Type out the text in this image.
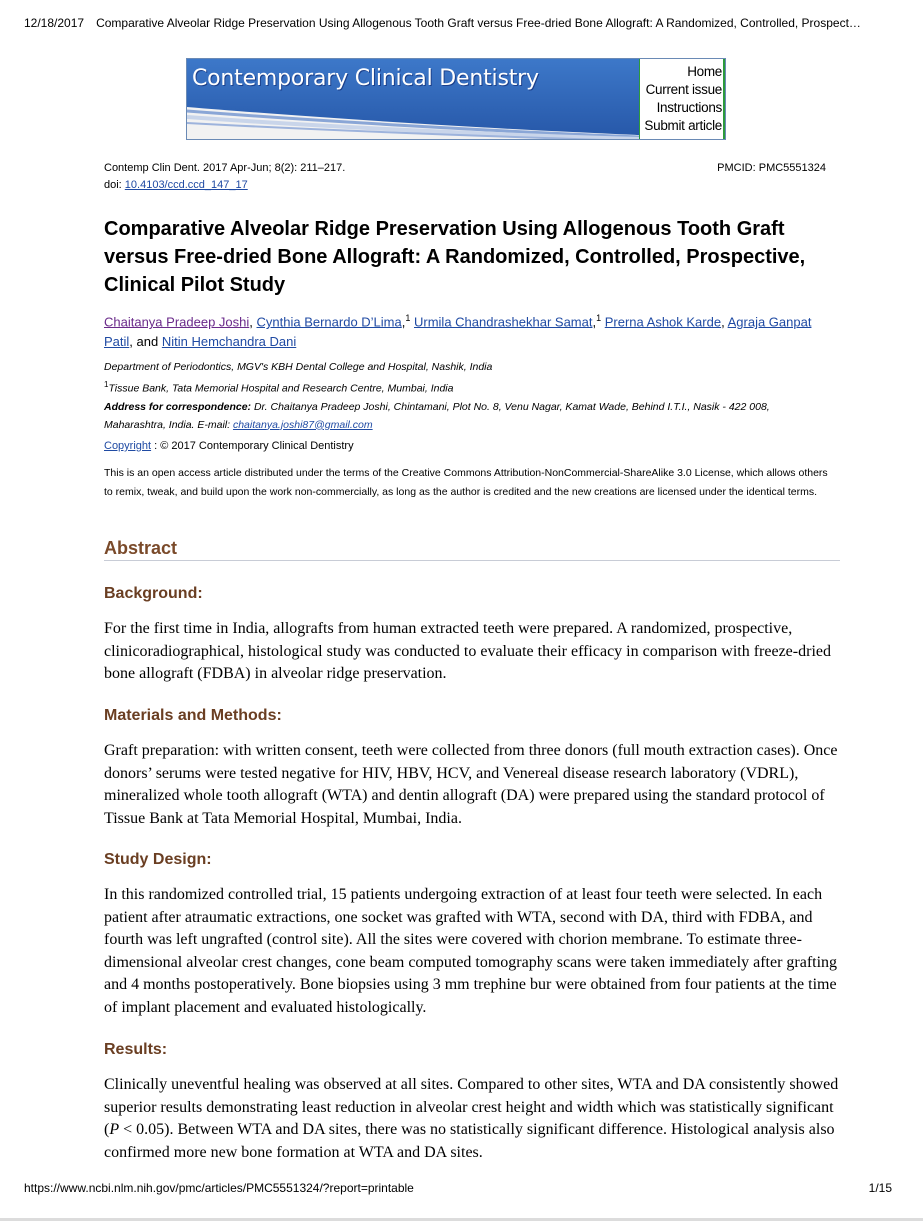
12/18/2017 Comparative Alveolar Ridge Preservation Using Allogenous Tooth Graft versus Free-dried Bone Allograft: A Randomized, Controlled, Prospect…
Contemporary Clinical Dentistry	Home
Current issue
Instructions
Submit article
Contemp Clin Dent. 2017 Apr-Jun; 8(2): 211–217.
doi: 10.4103/ccd.ccd_147_17
PMCID: PMC5551324
Comparative Alveolar Ridge Preservation Using Allogenous Tooth Graft versus Free-dried Bone Allograft: A Randomized, Controlled, Prospective, Clinical Pilot Study
Chaitanya Pradeep Joshi, Cynthia Bernardo D’Lima,$^1$ Urmila Chandrashekhar Samat,$^1$ Prerna Ashok Karde, Agraja Ganpat Patil, and Nitin Hemchandra Dani
Department of Periodontics, MGV's KBH Dental College and Hospital, Nashik, India
$^1$Tissue Bank, Tata Memorial Hospital and Research Centre, Mumbai, India
Address for correspondence: Dr. Chaitanya Pradeep Joshi, Chintamani, Plot No. 8, Venu Nagar, Kamat Wade, Behind I.T.I., Nasik - 422 008, Maharashtra, India. E-mail: chaitanya.joshi87@gmail.com
Copyright : © 2017 Contemporary Clinical Dentistry
This is an open access article distributed under the terms of the Creative Commons Attribution-NonCommercial-ShareAlike 3.0 License, which allows others to remix, tweak, and build upon the work non-commercially, as long as the author is credited and the new creations are licensed under the identical terms.
Abstract
Background:
For the first time in India, allografts from human extracted teeth were prepared. A randomized, prospective, clinicoradiographical, histological study was conducted to evaluate their efficacy in comparison with freeze-dried bone allograft (FDBA) in alveolar ridge preservation.
Materials and Methods:
Graft preparation: with written consent, teeth were collected from three donors (full mouth extraction cases). Once donors’ serums were tested negative for HIV, HBV, HCV, and Venereal disease research laboratory (VDRL), mineralized whole tooth allograft (WTA) and dentin allograft (DA) were prepared using the standard protocol of Tissue Bank at Tata Memorial Hospital, Mumbai, India.
Study Design:
In this randomized controlled trial, 15 patients undergoing extraction of at least four teeth were selected. In each patient after atraumatic extractions, one socket was grafted with WTA, second with DA, third with FDBA, and fourth was left ungrafted (control site). All the sites were covered with chorion membrane. To estimate three-dimensional alveolar crest changes, cone beam computed tomography scans were taken immediately after grafting and 4 months postoperatively. Bone biopsies using 3 mm trephine bur were obtained from four patients at the time of implant placement and evaluated histologically.
Results:
Clinically uneventful healing was observed at all sites. Compared to other sites, WTA and DA consistently showed superior results demonstrating least reduction in alveolar crest height and width which was statistically significant (P < 0.05). Between WTA and DA sites, there was no statistically significant difference. Histological analysis also confirmed more new bone formation at WTA and DA sites.
https://www.ncbi.nlm.nih.gov/pmc/articles/PMC5551324/?report=printable	1/15
